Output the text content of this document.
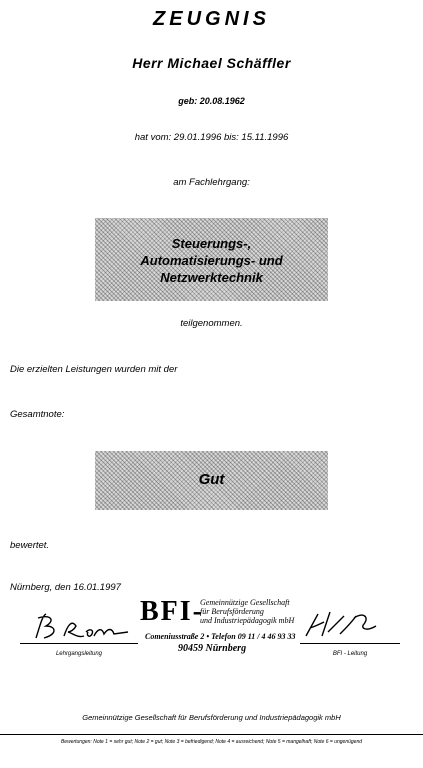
ZEUGNIS
Herr Michael Schäffler
geb: 20.08.1962
hat vom: 29.01.1996 bis: 15.11.1996
am Fachlehrgang:
Steuerungs-,
Automatisierungs- und
Netzwerktechnik
teilgenommen.
Die erzielten Leistungen wurden mit der
Gesamtnote:
Gut
bewertet.
Nürnberg, den 16.01.1997
Lehrgangsleitung
BFI-
Gemeinnützige Gesellschaft
für Berufsförderung
und Industriepädagogik mbH
Comeniusstraße 2 • Telefon 09 11 / 4 46 93 33
90459 Nürnberg	BFI - Leitung
Gemeinnützige Gesellschaft für Berufsförderung und Industriepädagogik mbH
Bewertungen: Note 1 = sehr gut; Note 2 = gut; Note 3 = befriedigend; Note 4 = ausreichend; Note 5 = mangelhaft; Note 6 = ungenügend
